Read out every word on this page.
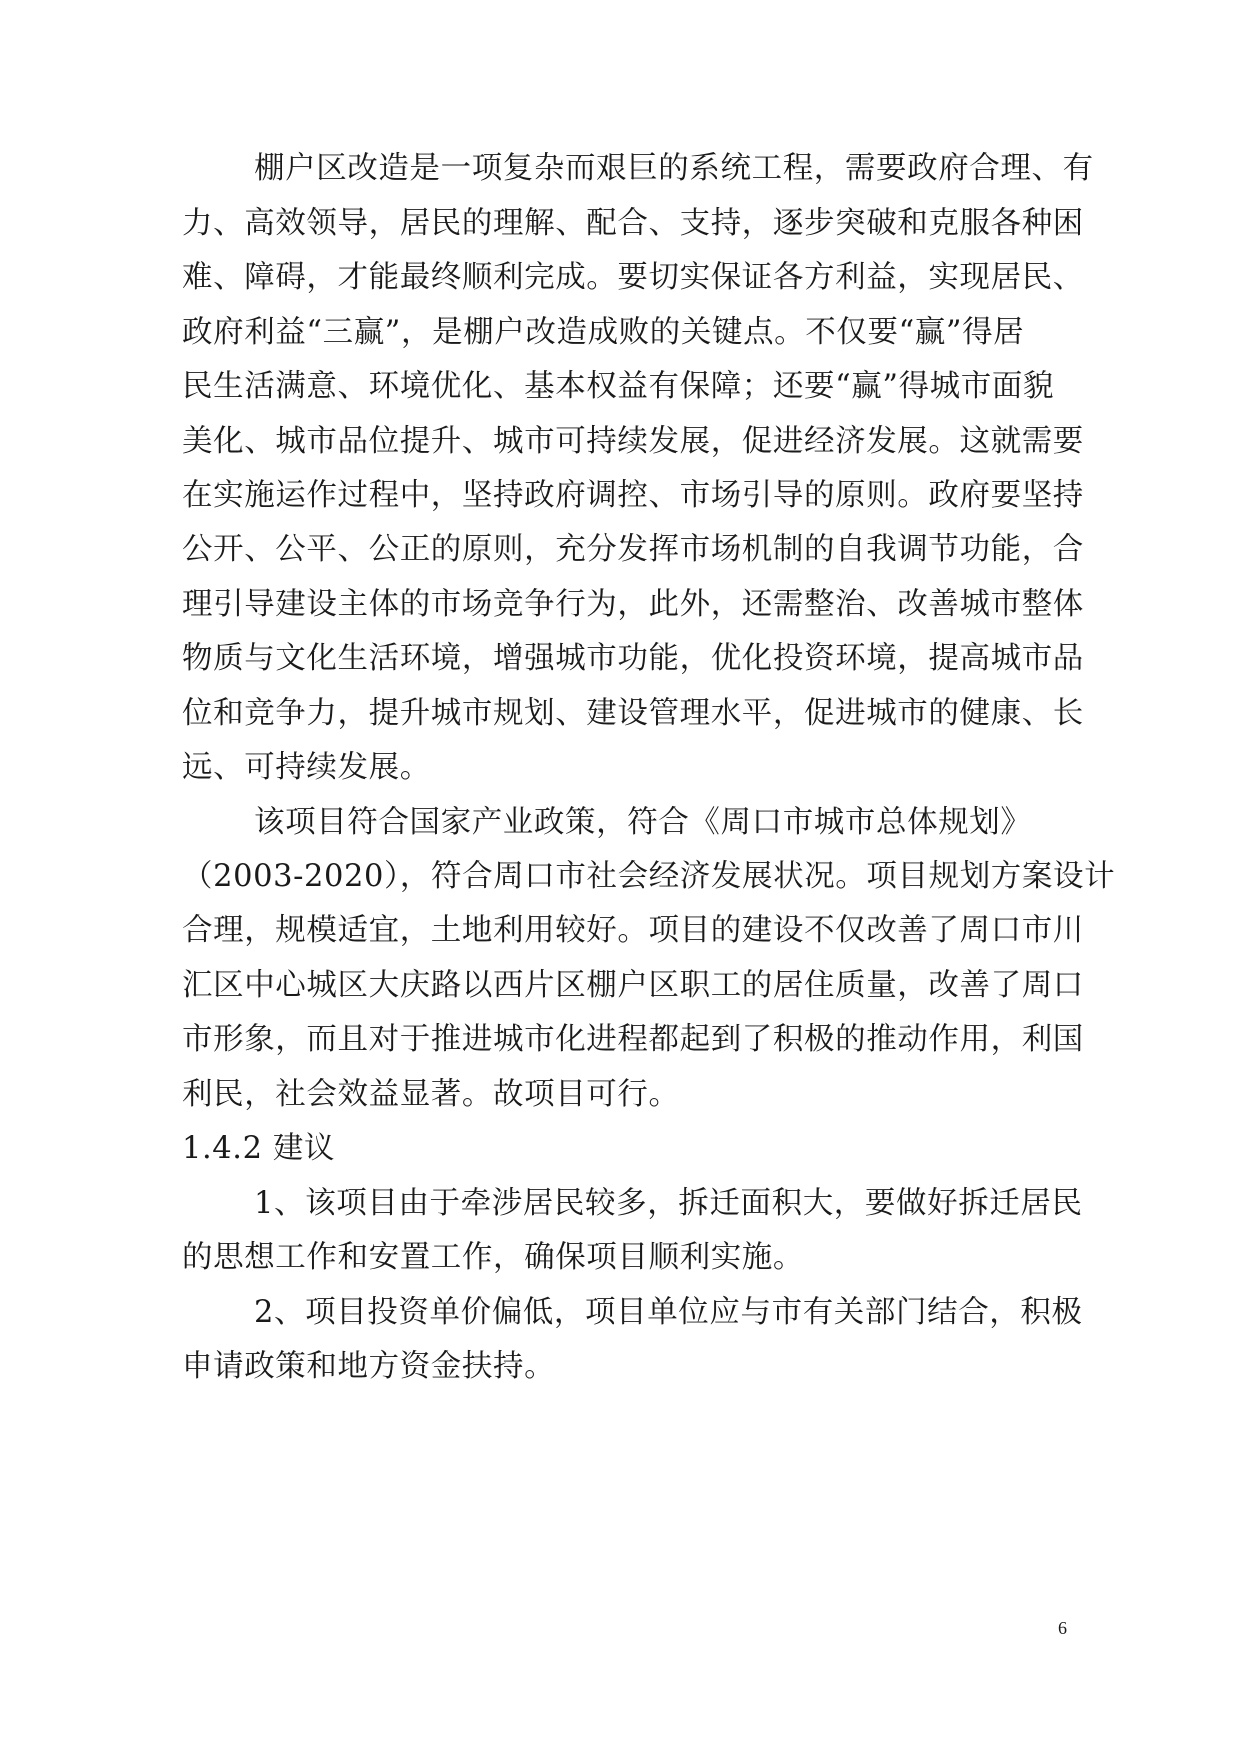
棚户区改造是一项复杂而艰巨的系统工程，需要政府合理、有
力、高效领导，居民的理解、配合、支持，逐步突破和克服各种困
难、障碍，才能最终顺利完成。要切实保证各方利益，实现居民、
政府利益“三赢”，是棚户改造成败的关键点。不仅要“赢”得居
民生活满意、环境优化、基本权益有保障；还要“赢”得城市面貌
美化、城市品位提升、城市可持续发展，促进经济发展。这就需要
在实施运作过程中，坚持政府调控、市场引导的原则。政府要坚持
公开、公平、公正的原则，充分发挥市场机制的自我调节功能，合
理引导建设主体的市场竞争行为，此外，还需整治、改善城市整体
物质与文化生活环境，增强城市功能，优化投资环境，提高城市品
位和竞争力，提升城市规划、建设管理水平，促进城市的健康、长
远、可持续发展。
该项目符合国家产业政策，符合《周口市城市总体规划》
（2003-2020），符合周口市社会经济发展状况。项目规划方案设计
合理，规模适宜，土地利用较好。项目的建设不仅改善了周口市川
汇区中心城区大庆路以西片区棚户区职工的居住质量，改善了周口
市形象，而且对于推进城市化进程都起到了积极的推动作用，利国
利民，社会效益显著。故项目可行。
1.4.2 建议
1、该项目由于牵涉居民较多，拆迁面积大，要做好拆迁居民
的思想工作和安置工作，确保项目顺利实施。
2、项目投资单价偏低，项目单位应与市有关部门结合，积极
申请政策和地方资金扶持。
6
